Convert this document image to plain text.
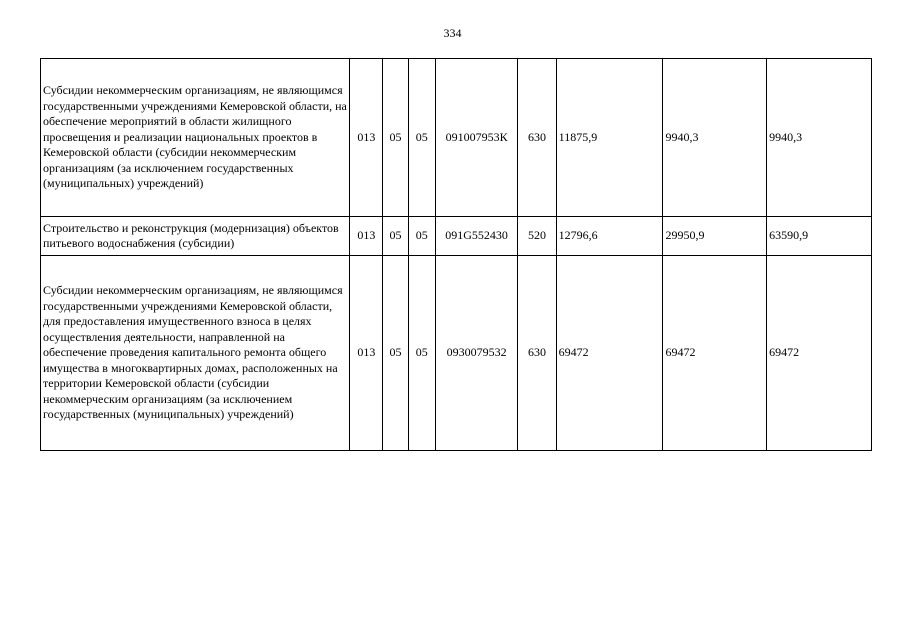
334
Субсидии некоммерческим организациям, не являющимся государственными учреждениями Кемеровской области, на обеспечение мероприятий в области жилищного просвещения и реализации национальных проектов в Кемеровской области (субсидии некоммерческим организациям (за исключением государственных (муниципальных) учреждений)	013	05	05	091007953К	630	11875,9	9940,3	9940,3
Строительство и реконструкция (модернизация) объектов питьевого водоснабжения (субсидии)	013	05	05	091G552430	520	12796,6	29950,9	63590,9
Субсидии некоммерческим организациям, не являющимся государственными учреждениями Кемеровской области, для предоставления имущественного взноса в целях осуществления деятельности, направленной на обеспечение проведения капитального ремонта общего имущества в многоквартирных домах, расположенных на территории Кемеровской области (субсидии некоммерческим организациям (за исключением государственных (муниципальных) учреждений)	013	05	05	0930079532	630	69472	69472	69472
